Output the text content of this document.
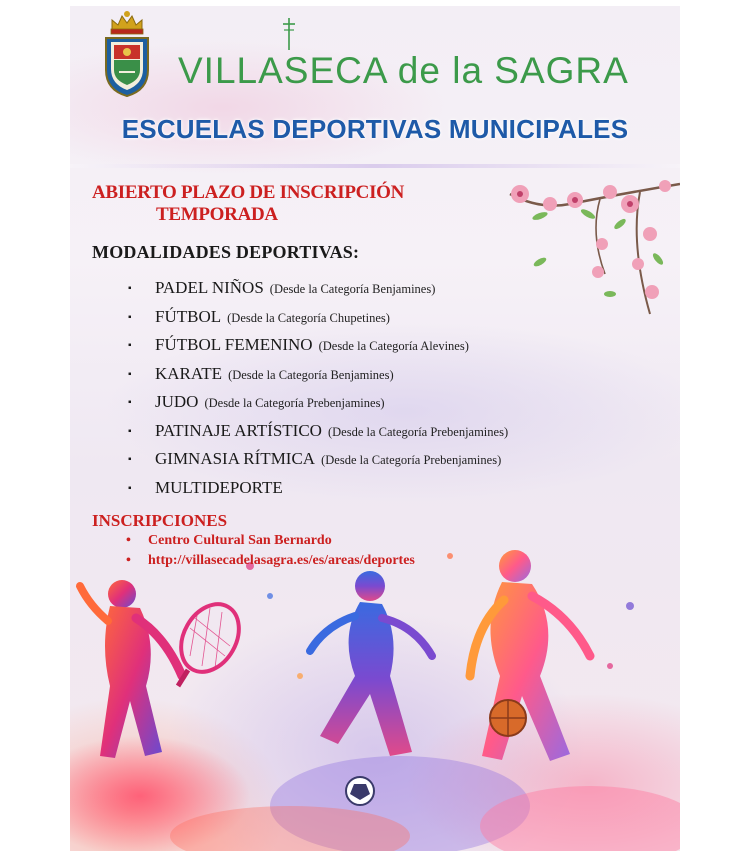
VILLASECA de la SAGRA
ESCUELAS DEPORTIVAS MUNICIPALES
ABIERTO PLAZO DE INSCRIPCIÓN
TEMPORADA
MODALIDADES DEPORTIVAS:
▪	PADEL NIÑOS (Desde la Categoría Benjamines)
▪	FÚTBOL (Desde la Categoría Chupetines)
▪	FÚTBOL FEMENINO (Desde la Categoría Alevines)
▪	KARATE (Desde la Categoría Benjamines)
▪	JUDO (Desde la Categoría Prebenjamines)
▪	PATINAJE ARTÍSTICO (Desde la Categoría Prebenjamines)
▪	GIMNASIA RÍTMICA (Desde la Categoría Prebenjamines)
▪	MULTIDEPORTE
INSCRIPCIONES
• Centro Cultural San Bernardo
• http://villasecadelasagra.es/es/areas/deportes
